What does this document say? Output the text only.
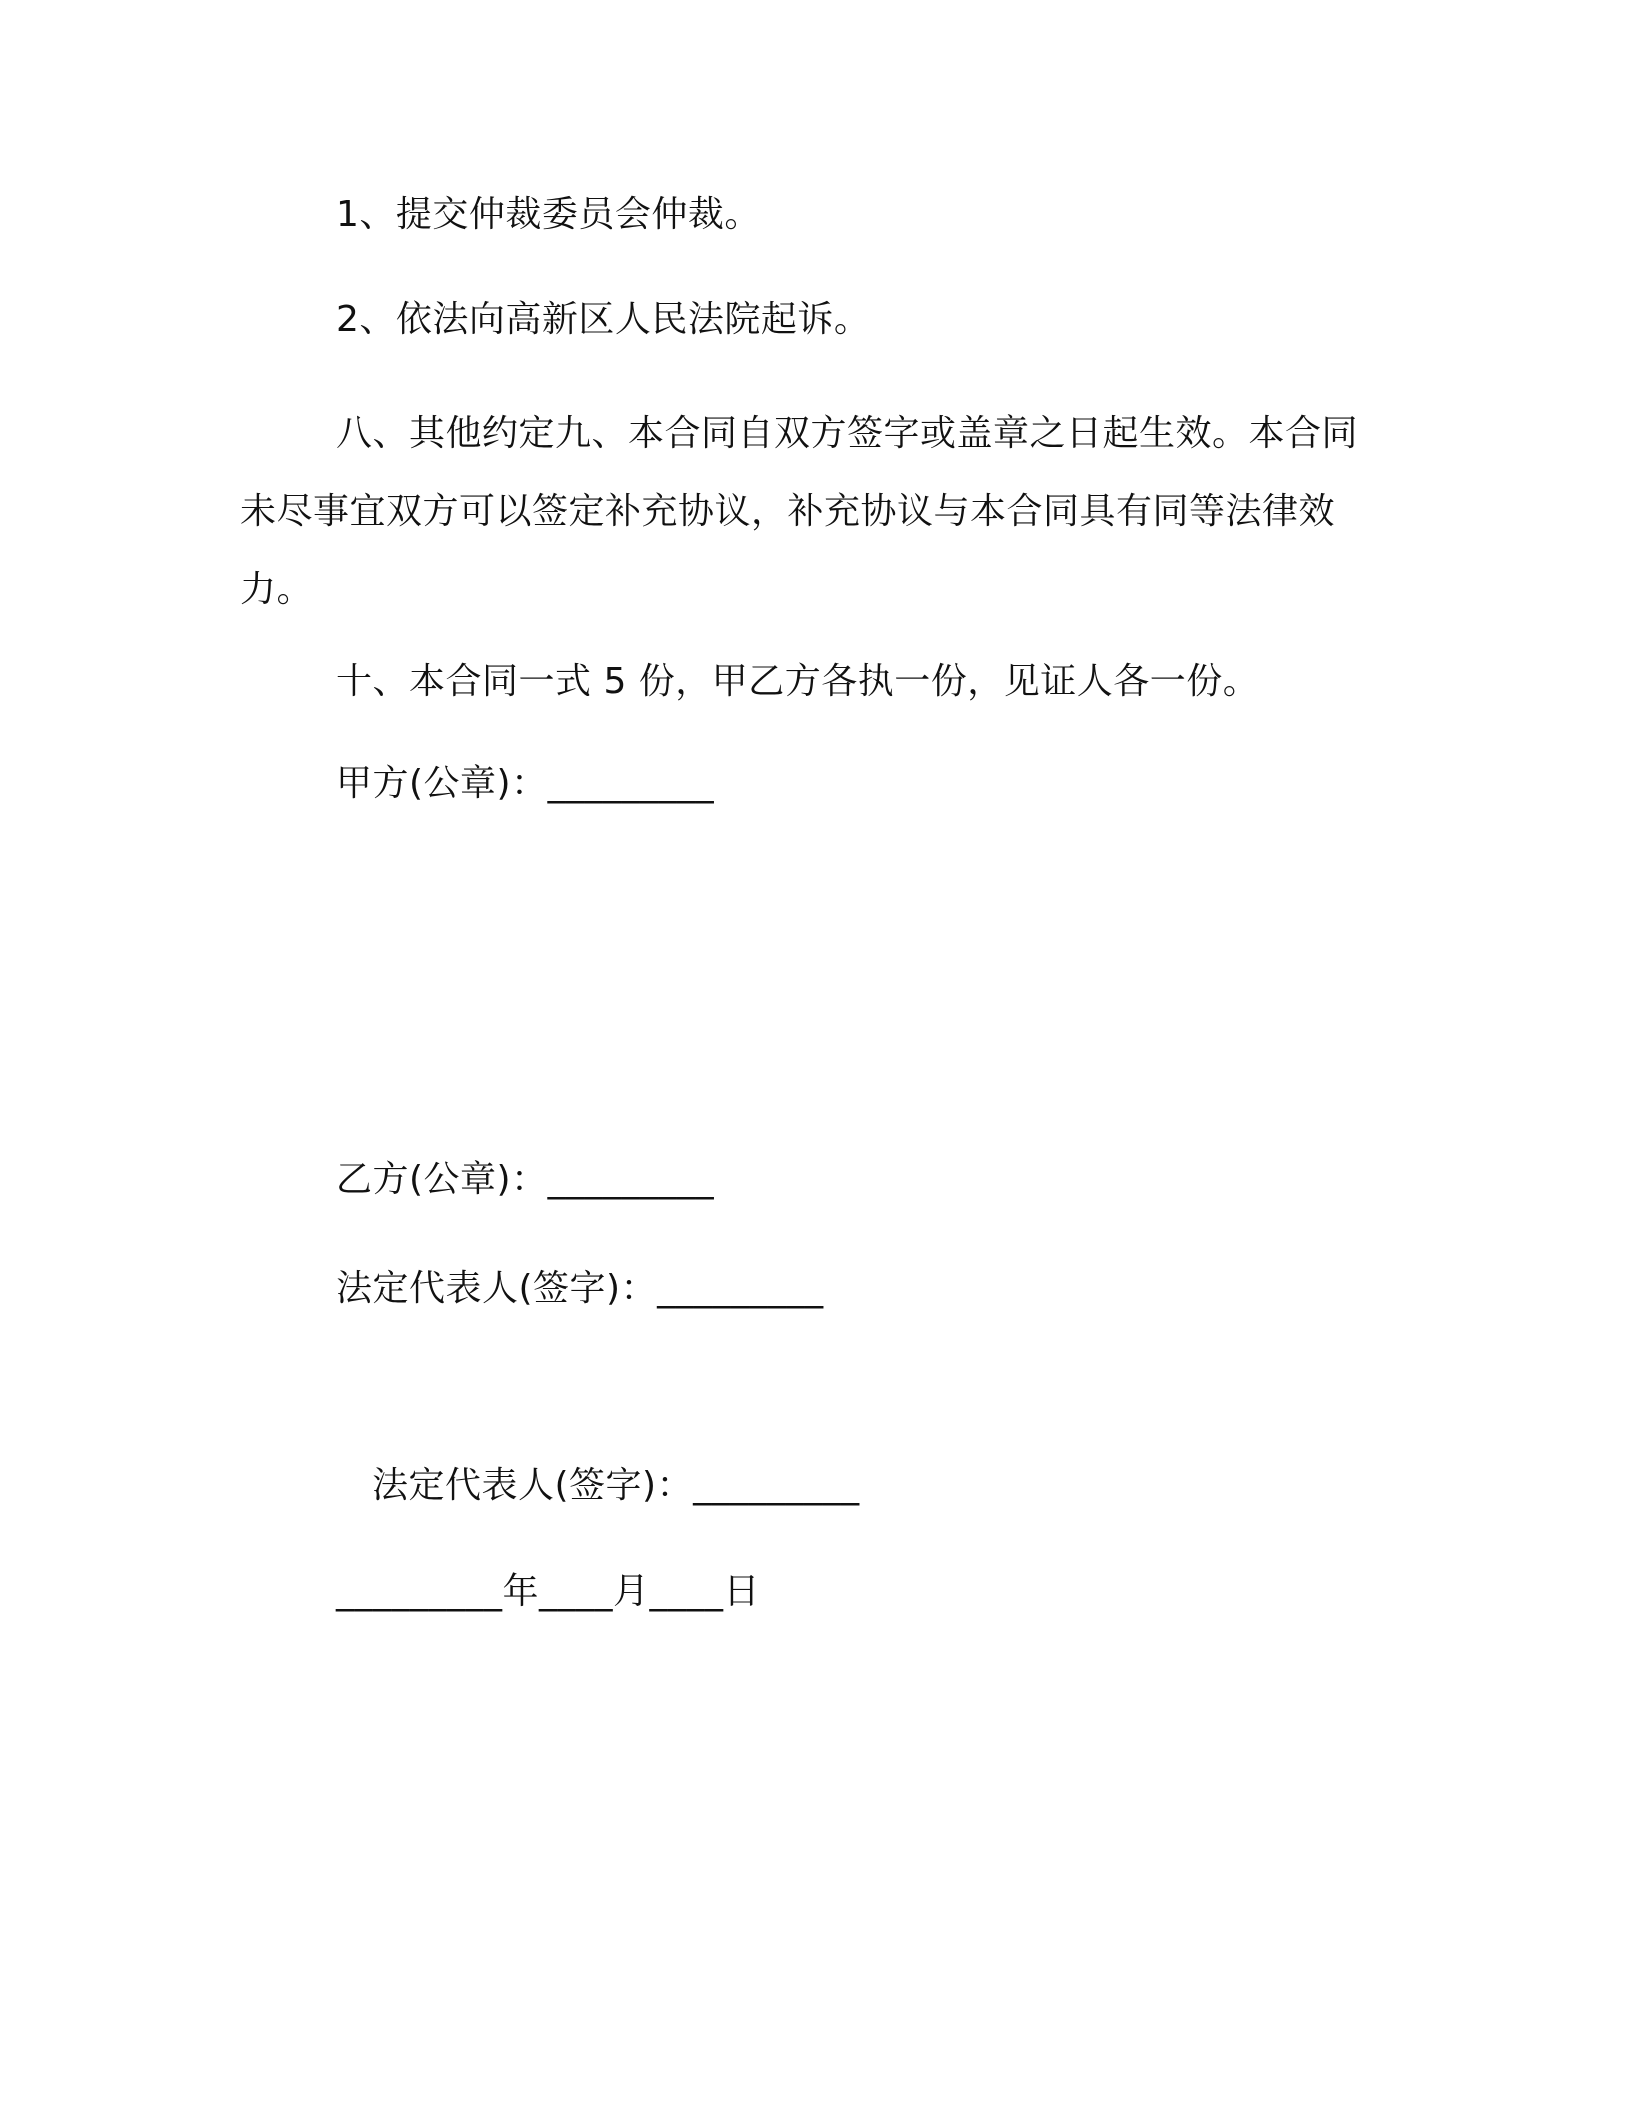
1、提交仲裁委员会仲裁。
2、依法向高新区人民法院起诉。
八、其他约定九、本合同自双方签字或盖章之日起生效。本合同未尽事宜双方可以签定补充协议，补充协议与本合同具有同等法律效力。
十、本合同一式 5 份，甲乙方各执一份，见证人各一份。
甲方(公章)：_________
乙方(公章)：_________
法定代表人(签字)：_________
法定代表人(签字)：_________
_________年____月____日
